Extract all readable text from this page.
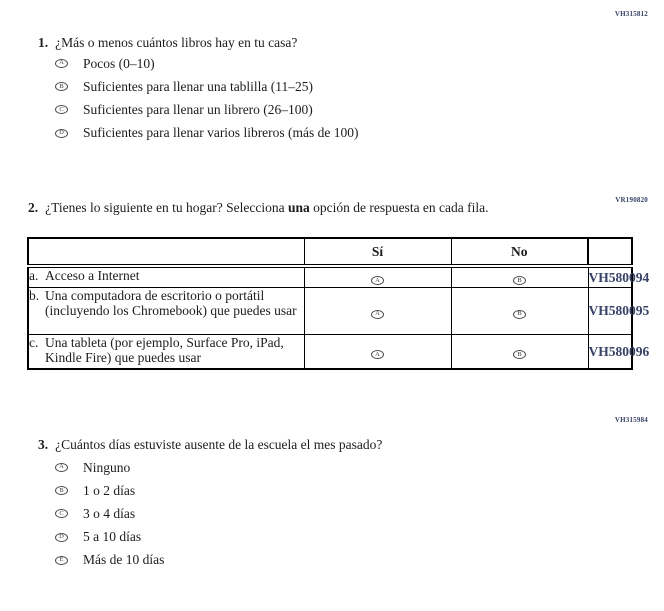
VH315812
1. ¿Más o menos cuántos libros hay en tu casa?
A Pocos (0–10)
B Suficientes para llenar una tablilla (11–25)
C Suficientes para llenar un librero (26–100)
D Suficientes para llenar varios libreros (más de 100)
VR190820
2. ¿Tienes lo siguiente en tu hogar? Selecciona una opción de respuesta en cada fila.
	Sí	No	

a. Acceso a Internet	A	B	VH580094

b. Una computadora de escritorio o portátil (incluyendo los Chromebook) que puedes usar	A	B	VH580095

c. Una tableta (por ejemplo, Surface Pro, iPad, Kindle Fire) que puedes usar	A	B	VH580096
VH315984
3. ¿Cuántos días estuviste ausente de la escuela el mes pasado?
A Ninguno
B 1 o 2 días
C 3 o 4 días
D 5 a 10 días
E Más de 10 días
